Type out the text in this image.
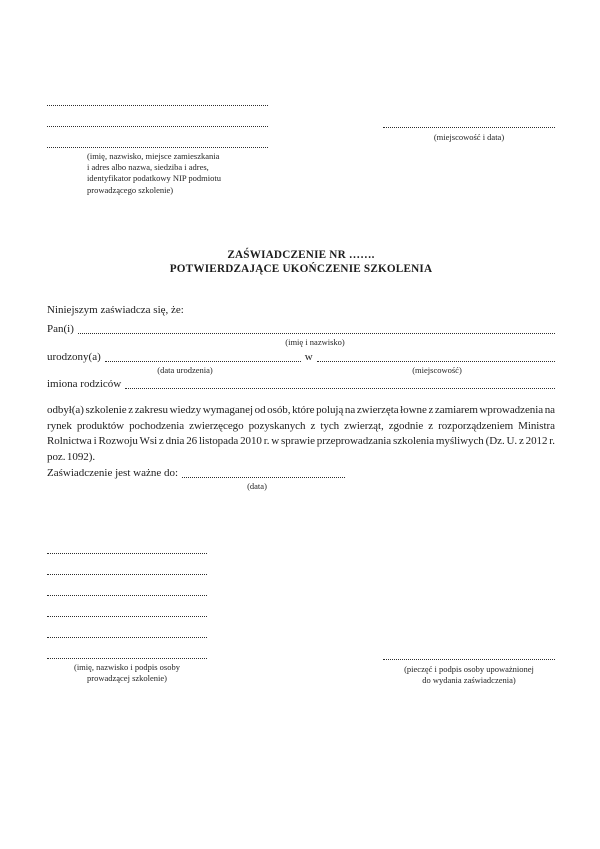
(imię, nazwisko, miejsce zamieszkania
i adres albo nazwa, siedziba i adres,
identyfikator podatkowy NIP podmiotu
prowadzącego szkolenie)
(miejscowość i data)
ZAŚWIADCZENIE NR …….
POTWIERDZAJĄCE UKOŃCZENIE SZKOLENIA
Niniejszym zaświadcza się, że:
Pan(i)
(imię i nazwisko)
urodzony(a)	w
(data urodzenia)	(miejscowość)
imiona rodziców
odbył(a) szkolenie z zakresu wiedzy wymaganej od osób, które polują na zwierzęta łowne z zamiarem wprowadzenia na rynek produktów pochodzenia zwierzęcego pozyskanych z tych zwierząt, zgodnie z rozporządzeniem Ministra Rolnictwa i Rozwoju Wsi z dnia 26 listopada 2010 r. w sprawie przeprowadzania szkolenia myśliwych (Dz. U. z 2012 r. poz. 1092).
Zaświadczenie jest ważne do:
(data)
(imię, nazwisko i podpis osoby
prowadzącej szkolenie)
(pieczęć i podpis osoby upoważnionej
do wydania zaświadczenia)
